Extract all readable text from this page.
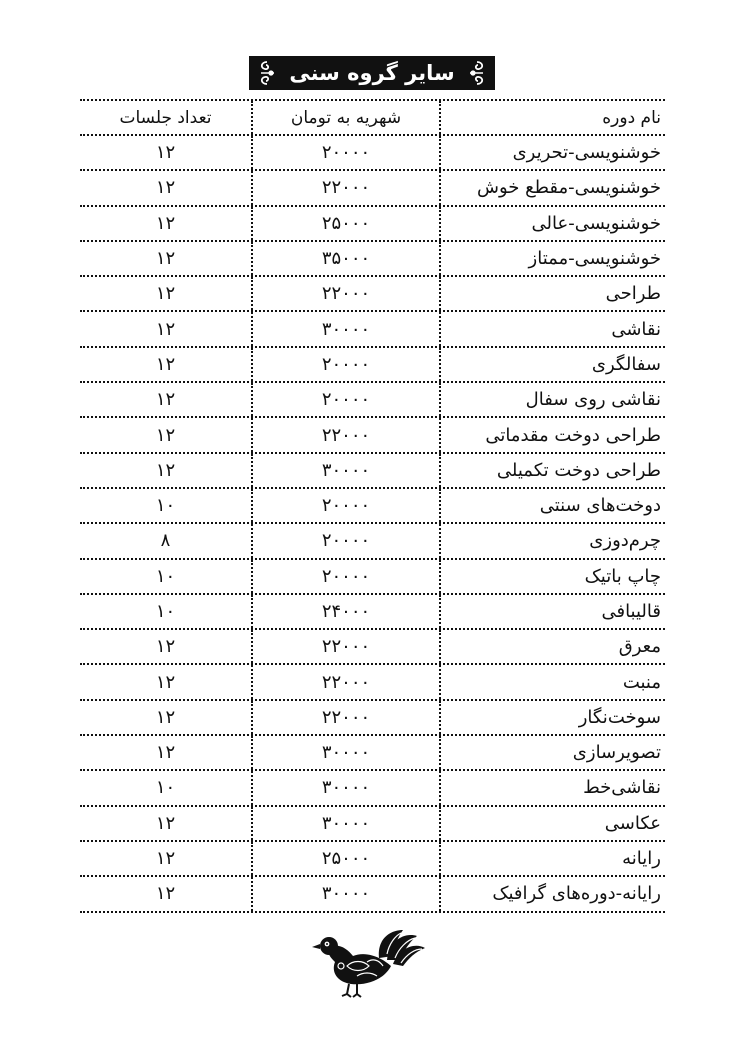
سایر گروه سنی
نام دوره
شهریه به تومان
تعداد جلسات
خوشنویسی-تحریری
۲۰۰۰۰
۱۲
خوشنویسی-مقطع خوش
۲۲۰۰۰
۱۲
خوشنویسی-عالی
۲۵۰۰۰
۱۲
خوشنویسی-ممتاز
۳۵۰۰۰
۱۲
طراحی
۲۲۰۰۰
۱۲
نقاشی
۳۰۰۰۰
۱۲
سفالگری
۲۰۰۰۰
۱۲
نقاشی روی سفال
۲۰۰۰۰
۱۲
طراحی دوخت مقدماتی
۲۲۰۰۰
۱۲
طراحی دوخت تکمیلی
۳۰۰۰۰
۱۲
دوخت‌های سنتی
۲۰۰۰۰
۱۰
چرم‌دوزی
۲۰۰۰۰
۸
چاپ باتیک
۲۰۰۰۰
۱۰
قالیبافی
۲۴۰۰۰
۱۰
معرق
۲۲۰۰۰
۱۲
منبت
۲۲۰۰۰
۱۲
سوخت‌نگار
۲۲۰۰۰
۱۲
تصویرسازی
۳۰۰۰۰
۱۲
نقاشی‌خط
۳۰۰۰۰
۱۰
عکاسی
۳۰۰۰۰
۱۲
رایانه
۲۵۰۰۰
۱۲
رایانه-دوره‌های گرافیک
۳۰۰۰۰
۱۲
